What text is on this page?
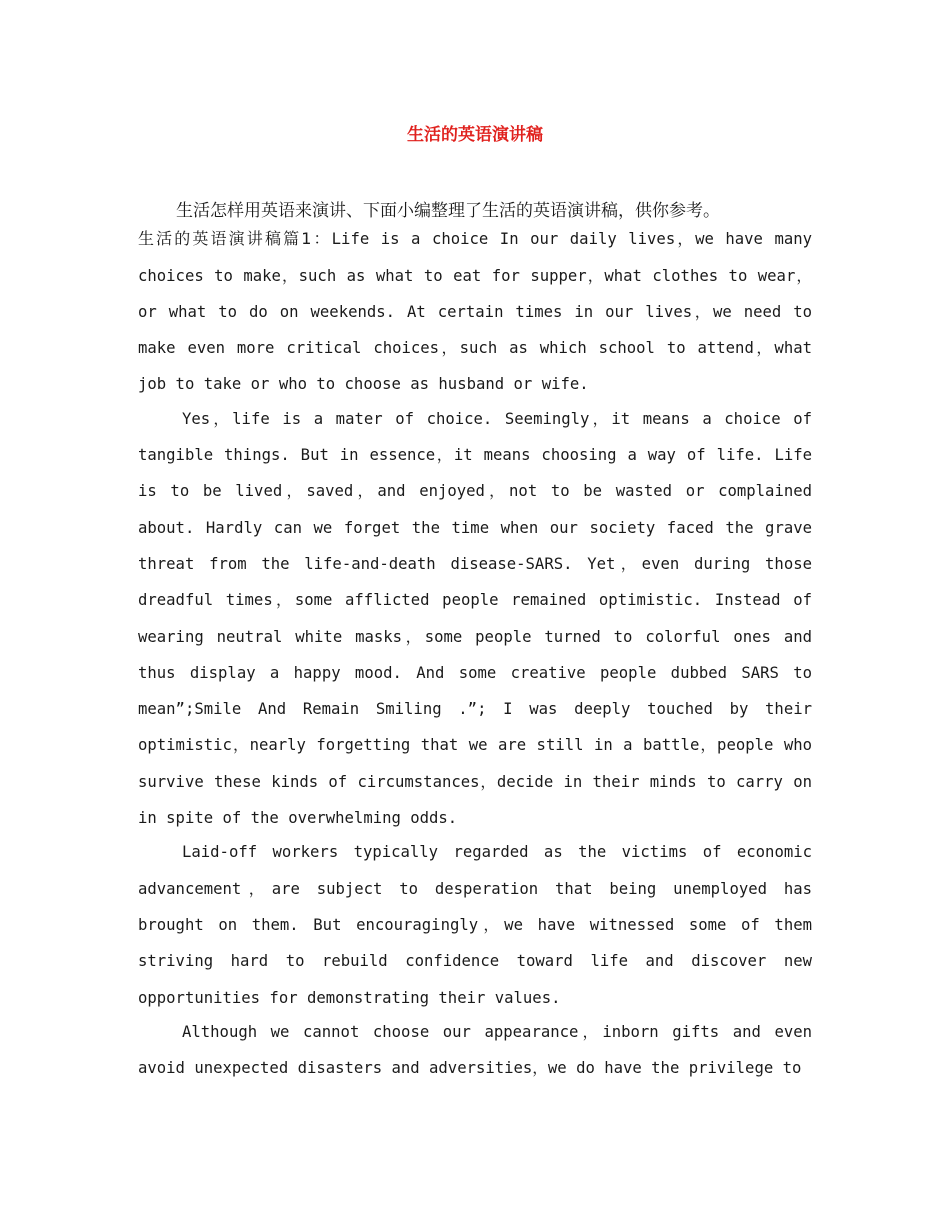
生活的英语演讲稿

生活怎样用英语来演讲、下面小编整理了生活的英语演讲稿，供你参考。

生活的英语演讲稿篇1：Life is a choice In our daily lives，we have many choices to make，such as what to eat for supper，what clothes to wear，or what to do on weekends. At certain times in our lives，we need to make even more critical choices，such as which school to attend，what job to take or who to choose as husband or wife.

Yes，life is a mater of choice. Seemingly，it means a choice of tangible things. But in essence，it means choosing a way of life. Life is to be lived，saved，and enjoyed，not to be wasted or complained about. Hardly can we forget the time when our society faced the grave threat from the life-and-death disease-SARS. Yet，even during those dreadful times，some afflicted people remained optimistic. Instead of wearing neutral white masks，some people turned to colorful ones and thus display a happy mood. And some creative people dubbed SARS to mean”;Smile And Remain Smiling .”; I was deeply touched by their optimistic，nearly forgetting that we are still in a battle，people who survive these kinds of circumstances，decide in their minds to carry on in spite of the overwhelming odds.

Laid-off workers typically regarded as the victims of economic advancement，are subject to desperation that being unemployed has brought on them. But encouragingly，we have witnessed some of them striving hard to rebuild confidence toward life and discover new opportunities for demonstrating their values.

Although we cannot choose our appearance，inborn gifts and even avoid unexpected disasters and adversities，we do have the privilege to
